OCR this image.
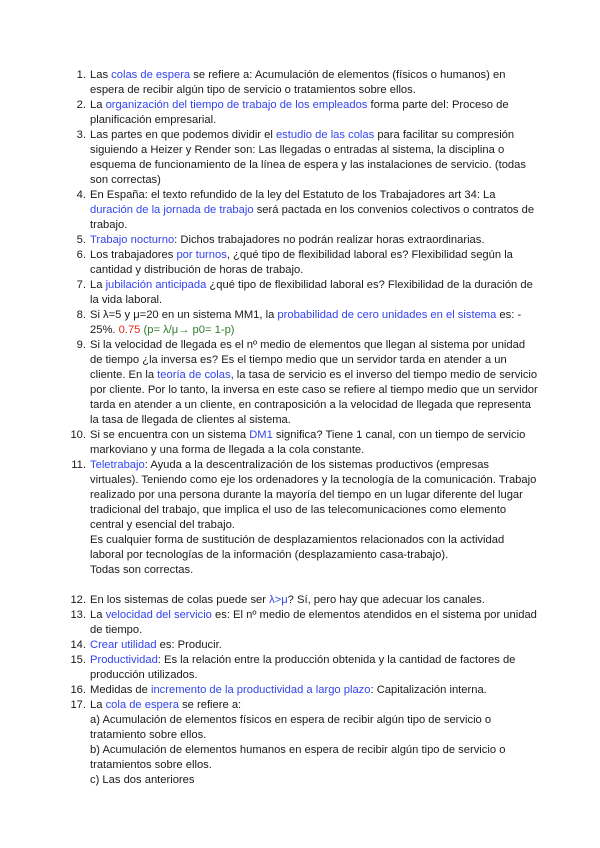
1. Las colas de espera se refiere a: Acumulación de elementos (físicos o humanos) en espera de recibir algún tipo de servicio o tratamientos sobre ellos.

2. La organización del tiempo de trabajo de los empleados forma parte del: Proceso de planificación empresarial.

3. Las partes en que podemos dividir el estudio de las colas para facilitar su compresión siguiendo a Heizer y Render son: Las llegadas o entradas al sistema, la disciplina o esquema de funcionamiento de la línea de espera y las instalaciones de servicio. (todas son correctas)

4. En España: el texto refundido de la ley del Estatuto de los Trabajadores art 34: La duración de la jornada de trabajo será pactada en los convenios colectivos o contratos de trabajo.

5. Trabajo nocturno: Dichos trabajadores no podrán realizar horas extraordinarias.

6. Los trabajadores por turnos, ¿qué tipo de flexibilidad laboral es? Flexibilidad según la cantidad y distribución de horas de trabajo.

7. La jubilación anticipada ¿qué tipo de flexibilidad laboral es? Flexibilidad de la duración de la vida laboral.

8. Si λ=5 y μ=20 en un sistema MM1, la probabilidad de cero unidades en el sistema es: - 25%. 0.75 (p= λ/μ→ p0= 1-p)

9. Si la velocidad de llegada es el nº medio de elementos que llegan al sistema por unidad de tiempo ¿la inversa es? Es el tiempo medio que un servidor tarda en atender a un cliente. En la teoría de colas, la tasa de servicio es el inverso del tiempo medio de servicio por cliente. Por lo tanto, la inversa en este caso se refiere al tiempo medio que un servidor tarda en atender a un cliente, en contraposición a la velocidad de llegada que representa la tasa de llegada de clientes al sistema.

10. Si se encuentra con un sistema DM1 significa? Tiene 1 canal, con un tiempo de servicio markoviano y una forma de llegada a la cola constante.

11. Teletrabajo: Ayuda a la descentralización de los sistemas productivos (empresas virtuales). Teniendo como eje los ordenadores y la tecnología de la comunicación. Trabajo realizado por una persona durante la mayoría del tiempo en un lugar diferente del lugar tradicional del trabajo, que implica el uso de las telecomunicaciones como elemento central y esencial del trabajo.
Es cualquier forma de sustitución de desplazamientos relacionados con la actividad laboral por tecnologías de la información (desplazamiento casa-trabajo).
Todas son correctas.

12. En los sistemas de colas puede ser λ>μ? Sí, pero hay que adecuar los canales.

13. La velocidad del servicio es: El nº medio de elementos atendidos en el sistema por unidad de tiempo.

14. Crear utilidad es: Producir.

15. Productividad: Es la relación entre la producción obtenida y la cantidad de factores de producción utilizados.

16. Medidas de incremento de la productividad a largo plazo: Capitalización interna.

17. La cola de espera se refiere a:
a) Acumulación de elementos físicos en espera de recibir algún tipo de servicio o tratamiento sobre ellos.
b) Acumulación de elementos humanos en espera de recibir algún tipo de servicio o tratamientos sobre ellos.
c) Las dos anteriores
